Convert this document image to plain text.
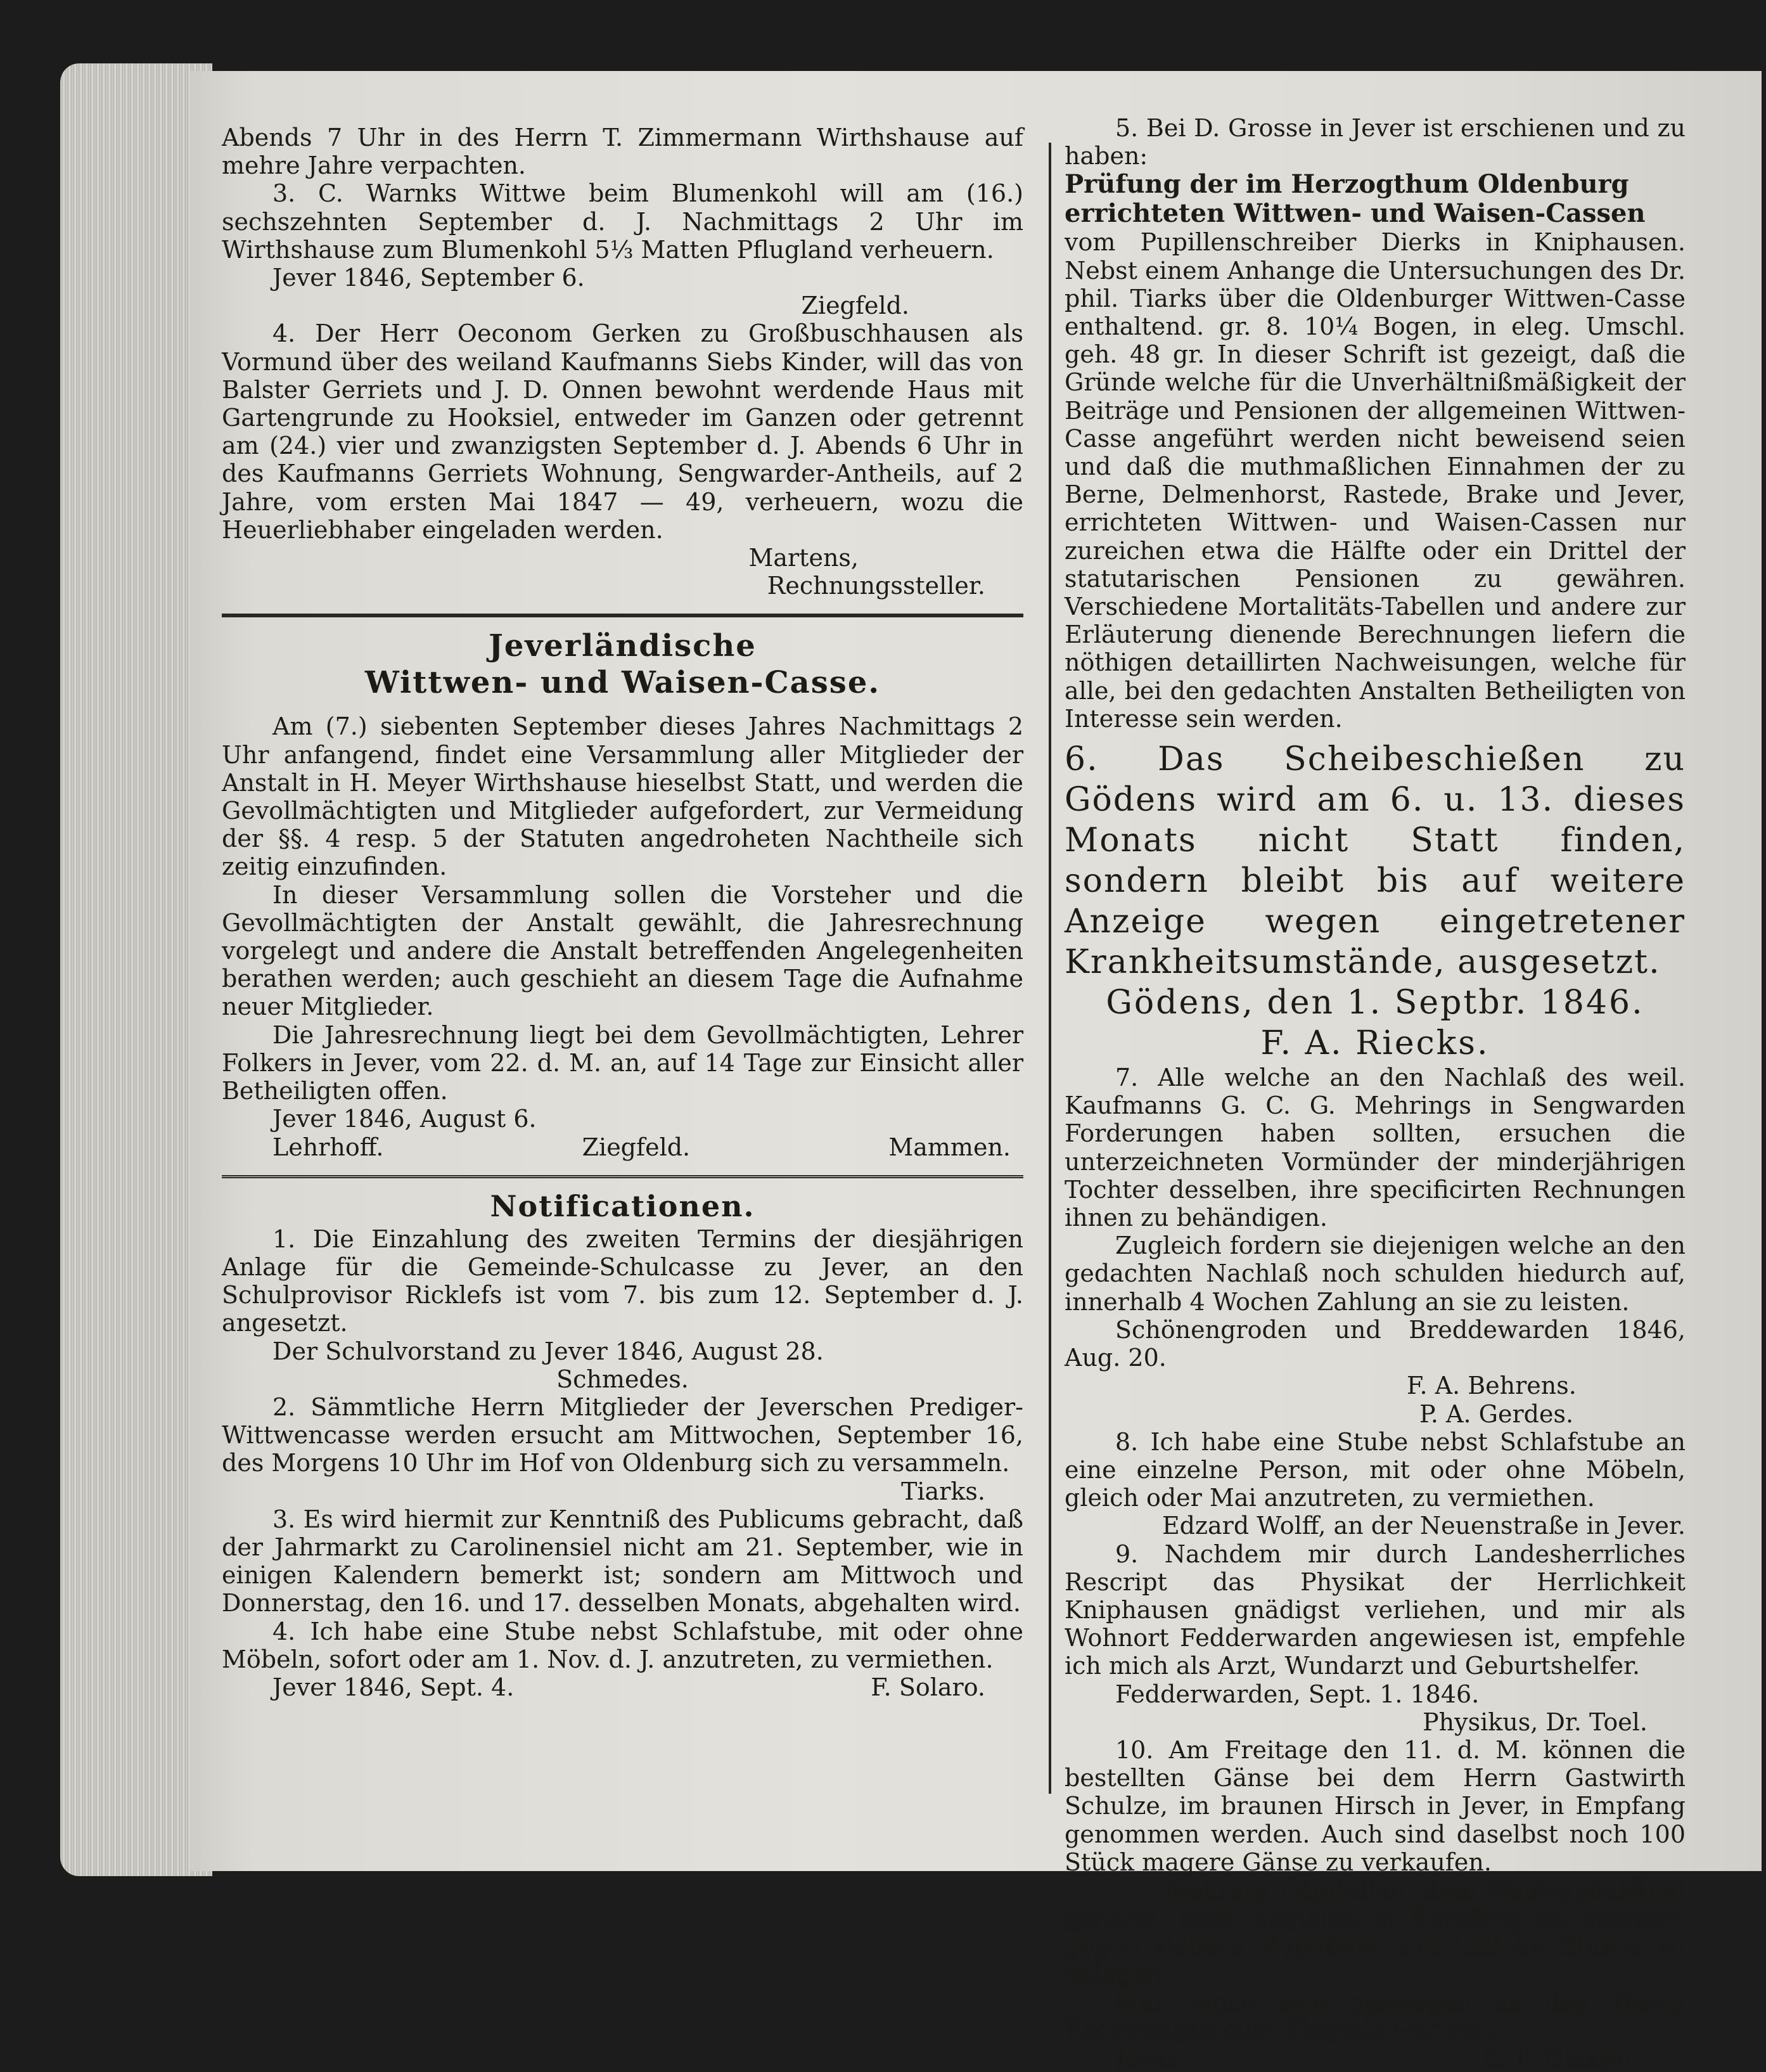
Abends 7 Uhr in des Herrn T. Zimmermann Wirthshause auf mehre Jahre verpachten.

3. C. Warnks Wittwe beim Blumenkohl will am (16.) sechszehnten September d. J. Nachmittags 2 Uhr im Wirthshause zum Blumenkohl 5⅓ Matten Pflugland verheuern.

Jever 1846, September 6.

Ziegfeld.

4. Der Herr Oeconom Gerken zu Großbuschhausen als Vormund über des weiland Kaufmanns Siebs Kinder, will das von Balster Gerriets und J. D. Onnen bewohnt werdende Haus mit Gartengrunde zu Hooksiel, entweder im Ganzen oder getrennt am (24.) vier und zwanzigsten September d. J. Abends 6 Uhr in des Kaufmanns Gerriets Wohnung, Sengwarder-Antheils, auf 2 Jahre, vom ersten Mai 1847 — 49, verheuern, wozu die Heuerliebhaber eingeladen werden.

Martens,

Rechnungssteller.

Jeverländische

Wittwen- und Waisen-Casse.

Am (7.) siebenten September dieses Jahres Nachmittags 2 Uhr anfangend, findet eine Versammlung aller Mitglieder der Anstalt in H. Meyer Wirthshause hieselbst Statt, und werden die Gevollmächtigten und Mitglieder aufgefordert, zur Vermeidung der §§. 4 resp. 5 der Statuten angedroheten Nachtheile sich zeitig einzufinden.

In dieser Versammlung sollen die Vorsteher und die Gevollmächtigten der Anstalt gewählt, die Jahresrechnung vorgelegt und andere die Anstalt betreffenden Angelegenheiten berathen werden; auch geschieht an diesem Tage die Aufnahme neuer Mitglieder.

Die Jahresrechnung liegt bei dem Gevollmächtigten, Lehrer Folkers in Jever, vom 22. d. M. an, auf 14 Tage zur Einsicht aller Betheiligten offen.

Jever 1846, August 6.

Lehrhoff.	Ziegfeld.	Mammen.

Notificationen.

1. Die Einzahlung des zweiten Termins der diesjährigen Anlage für die Gemeinde-Schulcasse zu Jever, an den Schulprovisor Ricklefs ist vom 7. bis zum 12. September d. J. angesetzt.

Der Schulvorstand zu Jever 1846, August 28.

Schmedes.

2. Sämmtliche Herrn Mitglieder der Jeverschen Prediger-Wittwencasse werden ersucht am Mittwochen, September 16, des Morgens 10 Uhr im Hof von Oldenburg sich zu versammeln.

Tiarks.

3. Es wird hiermit zur Kenntniß des Publicums gebracht, daß der Jahrmarkt zu Carolinensiel nicht am 21. September, wie in einigen Kalendern bemerkt ist; sondern am Mittwoch und Donnerstag, den 16. und 17. desselben Monats, abgehalten wird.

4. Ich habe eine Stube nebst Schlafstube, mit oder ohne Möbeln, sofort oder am 1. Nov. d. J. anzutreten, zu vermiethen.

Jever 1846, Sept. 4.	F. Solaro.

5. Bei D. Grosse in Jever ist erschienen und zu haben:

Prüfung der im Herzogthum Oldenburg errichteten Wittwen- und Waisen-Cassen

vom Pupillenschreiber Dierks in Kniphausen. Nebst einem Anhange die Untersuchungen des Dr. phil. Tiarks über die Oldenburger Wittwen-Casse enthaltend. gr. 8. 10¼ Bogen, in eleg. Umschl. geh. 48 gr. In dieser Schrift ist gezeigt, daß die Gründe welche für die Unverhältnißmäßigkeit der Beiträge und Pensionen der allgemeinen Wittwen-Casse angeführt werden nicht beweisend seien und daß die muthmaßlichen Einnahmen der zu Berne, Delmenhorst, Rastede, Brake und Jever, errichteten Wittwen- und Waisen-Cassen nur zureichen etwa die Hälfte oder ein Drittel der statutarischen Pensionen zu gewähren. Verschiedene Mortalitäts-Tabellen und andere zur Erläuterung dienende Berechnungen liefern die nöthigen detaillirten Nachweisungen, welche für alle, bei den gedachten Anstalten Betheiligten von Interesse sein werden.

6. Das Scheibeschießen zu Gödens wird am 6. u. 13. dieses Monats nicht Statt finden, sondern bleibt bis auf weitere Anzeige wegen eingetretener Krankheitsumstände, ausgesetzt.

Gödens, den 1. Septbr. 1846.

F. A. Riecks.

7. Alle welche an den Nachlaß des weil. Kaufmanns G. C. G. Mehrings in Sengwarden Forderungen haben sollten, ersuchen die unterzeichneten Vormünder der minderjährigen Tochter desselben, ihre specificirten Rechnungen ihnen zu behändigen.

Zugleich fordern sie diejenigen welche an den gedachten Nachlaß noch schulden hiedurch auf, innerhalb 4 Wochen Zahlung an sie zu leisten.

Schönengroden und Breddewarden 1846, Aug. 20.

F. A. Behrens.

P. A. Gerdes.

8. Ich habe eine Stube nebst Schlafstube an eine einzelne Person, mit oder ohne Möbeln, gleich oder Mai anzutreten, zu vermiethen.

Edzard Wolff, an der Neuenstraße in Jever.

9. Nachdem mir durch Landesherrliches Rescript das Physikat der Herrlichkeit Kniphausen gnädigst verliehen, und mir als Wohnort Fedderwarden angewiesen ist, empfehle ich mich als Arzt, Wundarzt und Geburtshelfer.

Fedderwarden, Sept. 1. 1846.

Physikus, Dr. Toel.

10. Am Freitage den 11. d. M. können die bestellten Gänse bei dem Herrn Gastwirth Schulze, im braunen Hirsch in Jever, in Empfang genommen werden. Auch sind daselbst noch 100 Stück magere Gänse zu verkaufen.

11. Mehrere Capitalien, dem Waisenhausfond gehörig, sind, sogleich in Empfang zu nehmen, gegen sichere Hypothek und übliche Zinsen zu belegen.

Man wolle sich deswegen an den Herrn Rechnungssteller Ziegfeld wenden.

Jever.	C. F. Classen.
